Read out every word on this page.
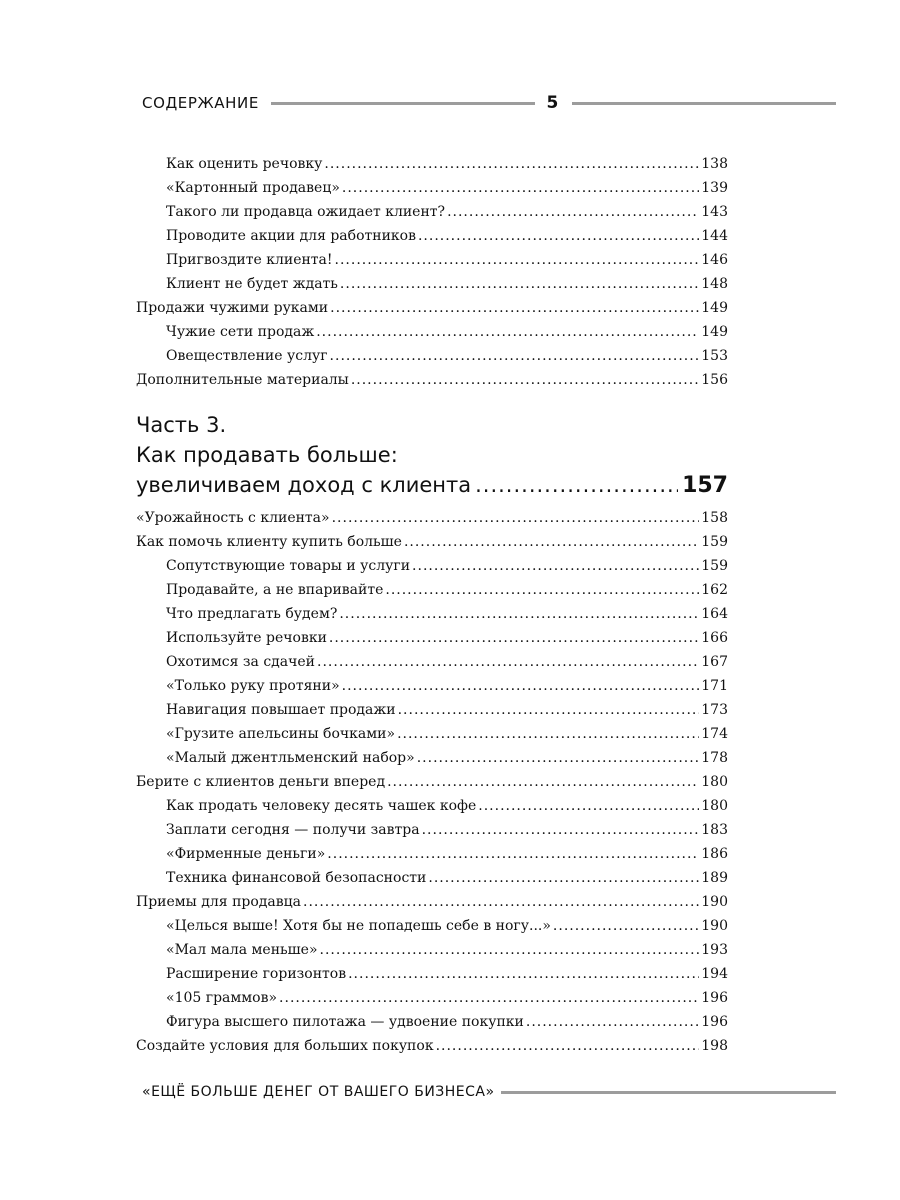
СОДЕРЖАНИЕ	5
Как оценить речовку .....	138
«Картонный продавец» .....	139
Такого ли продавца ожидает клиент? .....	143
Проводите акции для работников .....	144
Пригвоздите клиента! .....	146
Клиент не будет ждать .....	148
Продажи чужими руками .....	149
Чужие сети продаж .....	149
Овеществление услуг .....	153
Дополнительные материалы .....	156
Часть 3.
Как продавать больше:
увеличиваем доход с клиента .....	157
«Урожайность с клиента» .....	158
Как помочь клиенту купить больше .....	159
Сопутствующие товары и услуги .....	159
Продавайте, а не впаривайте .....	162
Что предлагать будем? .....	164
Используйте речовки .....	166
Охотимся за сдачей .....	167
«Только руку протяни» .....	171
Навигация повышает продажи .....	173
«Грузите апельсины бочками» .....	174
«Малый джентльменский набор» .....	178
Берите с клиентов деньги вперед .....	180
Как продать человеку десять чашек кофе .....	180
Заплати сегодня — получи завтра .....	183
«Фирменные деньги» .....	186
Техника финансовой безопасности .....	189
Приемы для продавца .....	190
«Целься выше! Хотя бы не попадешь себе в ногу...» .....	190
«Мал мала меньше» .....	193
Расширение горизонтов .....	194
«105 граммов» .....	196
Фигура высшего пилотажа — удвоение покупки .....	196
Создайте условия для больших покупок .....	198
«ЕЩЁ БОЛЬШЕ ДЕНЕГ ОТ ВАШЕГО БИЗНЕСА»
